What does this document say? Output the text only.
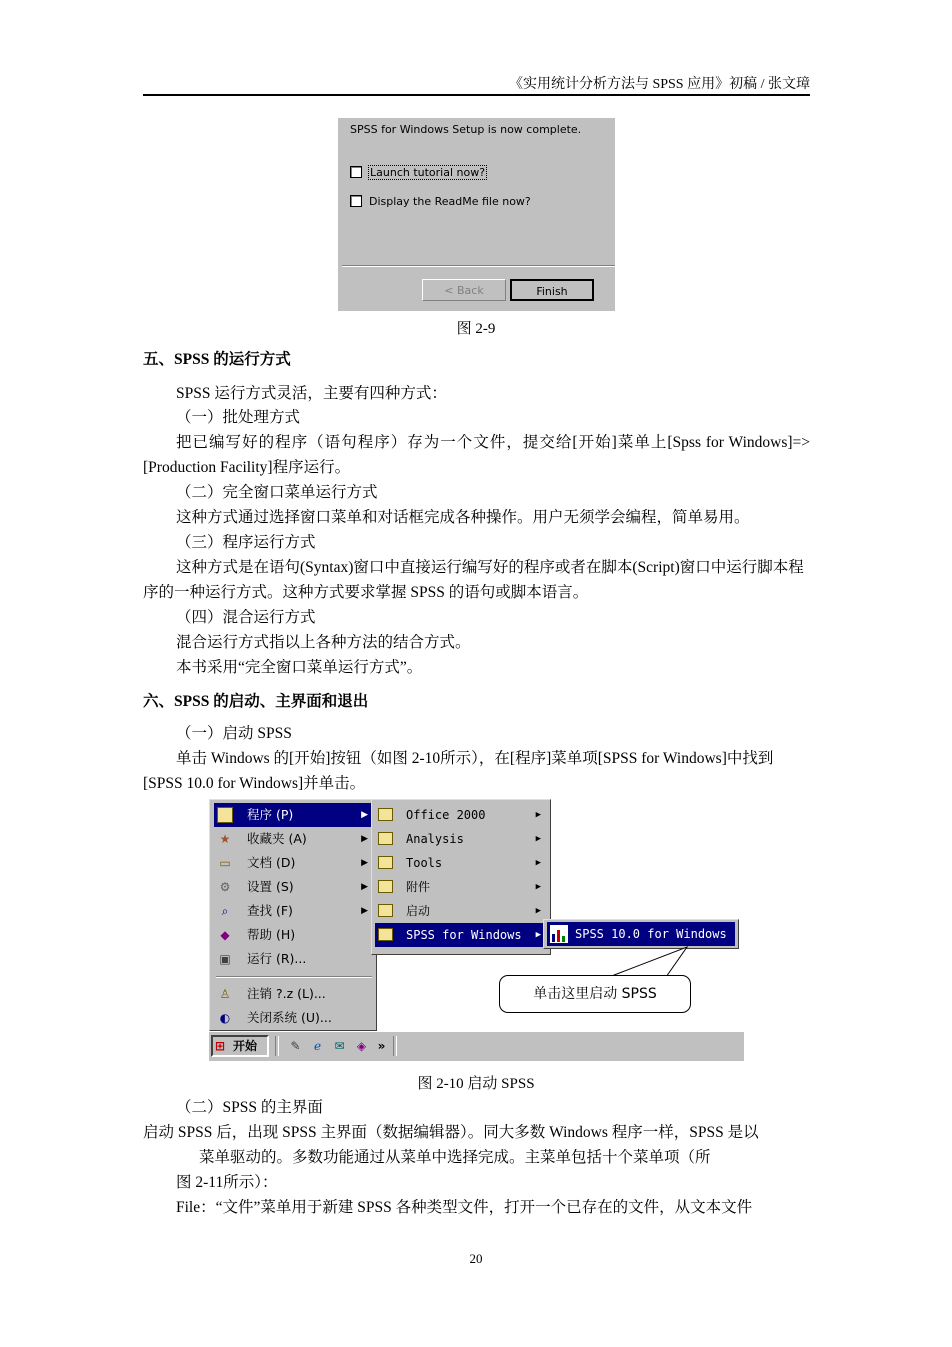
《实用统计分析方法与 SPSS 应用》初稿 / 张文璋
SPSS for Windows Setup is now complete.
Launch tutorial now?
Display the ReadMe file now?
< Back	Finish
图 2-9
五、SPSS 的运行方式
SPSS 运行方式灵活，主要有四种方式：
（一）批处理方式
把已编写好的程序（语句程序）存为一个文件，提交给[开始]菜单上[Spss for Windows]=>[Production Facility]程序运行。
（二）完全窗口菜单运行方式
这种方式通过选择窗口菜单和对话框完成各种操作。用户无须学会编程，简单易用。
（三）程序运行方式
这种方式是在语句(Syntax)窗口中直接运行编写好的程序或者在脚本(Script)窗口中运行脚本程序的一种运行方式。这种方式要求掌握 SPSS 的语句或脚本语言。
（四）混合运行方式
混合运行方式指以上各种方法的结合方式。
本书采用“完全窗口菜单运行方式”。
六、SPSS 的启动、主界面和退出
（一）启动 SPSS
单击 Windows 的[开始]按钮（如图 2-10所示），在[程序]菜单项[SPSS for Windows]中找到[SPSS 10.0 for Windows]并单击。
程序 (P)	▶
★ 收藏夹 (A)	▶
▭ 文档 (D)	▶
⚙ 设置 (S)	▶
⌕	查找 (F)	▶
◆ 帮助 (H)
▣ 运行 (R)...
♙ 注销 ?.z (L)...
◐ 关闭系统 (U)...
Office 2000	▶
Analysis	▶
Tools	▶
附件	▶
启动	▶
SPSS for Windows ▶	SPSS 10.0 for Windows
单击这里启动 SPSS
⊞ 开始	✎	ℯ	✉	◈ »
图 2-10 启动 SPSS
（二）SPSS 的主界面
启动 SPSS 后，出现 SPSS 主界面（数据编辑器）。同大多数 Windows 程序一样，SPSS 是以
菜单驱动的。多数功能通过从菜单中选择完成。主菜单包括十个菜单项（所
图 2-11所示）：
File：“文件”菜单用于新建 SPSS 各种类型文件，打开一个已存在的文件，从文本文件
20
